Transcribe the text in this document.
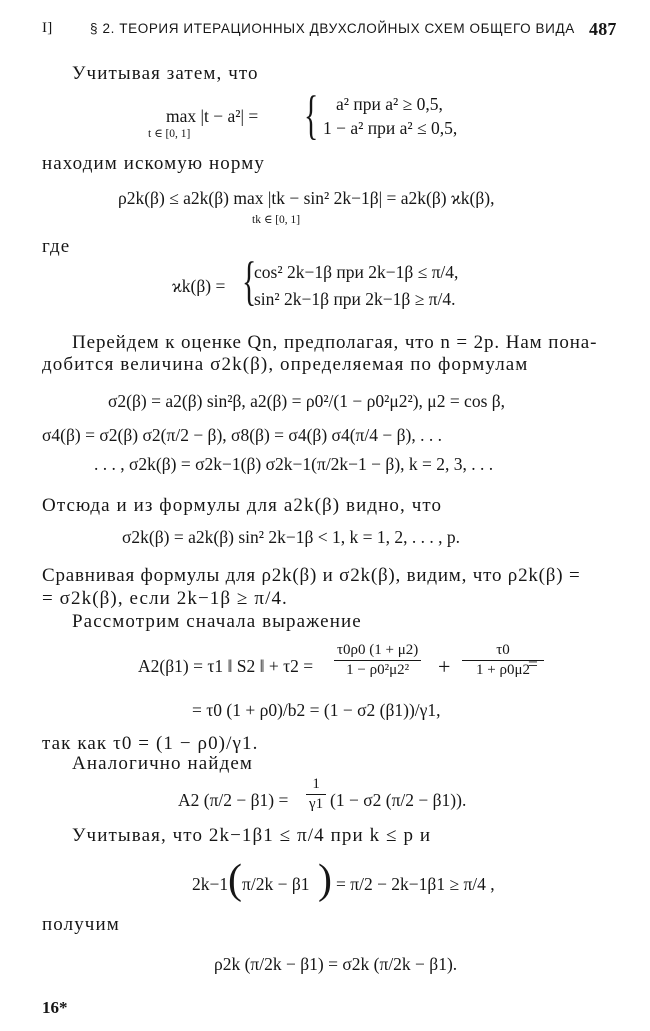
I]	§ 2. ТЕОРИЯ ИТЕРАЦИОННЫХ ДВУХСЛОЙНЫХ СХЕМ ОБЩЕГО ВИДА 487
Учитывая затем, что
max |t − a²| =
t ∈ [0, 1] { a² при a² ≥ 0,5,
1 − a² при a² ≤ 0,5,
находим искомую норму
ρ2k(β) ≤ a2k(β) max |tk − sin² 2k−1β| = a2k(β) ϰk(β),
tk ∈ [0, 1]
где
ϰk(β) = {
cos² 2k−1β при 2k−1β ≤ π/4,
sin² 2k−1β при 2k−1β ≥ π/4.
Перейдем к оценке Qn, предполагая, что n = 2p. Нам пона-
добится величина σ2k(β), определяемая по формулам
σ2(β) = a2(β) sin²β, a2(β) = ρ0²/(1 − ρ0²μ2²), μ2 = cos β,
σ4(β) = σ2(β) σ2(π/2 − β), σ8(β) = σ4(β) σ4(π/4 − β), . . .
. . . , σ2k(β) = σ2k−1(β) σ2k−1(π/2k−1 − β), k = 2, 3, . . .
Отсюда и из формулы для a2k(β) видно, что
σ2k(β) = a2k(β) sin² 2k−1β < 1, k = 1, 2, . . . , p.
Сравнивая формулы для ρ2k(β) и σ2k(β), видим, что ρ2k(β) =
= σ2k(β), если 2k−1β ≥ π/4.
Рассмотрим сначала выражение
A2(β1) = τ1 ‖ S2 ‖ + $\tau 2 = \frac{\tau 0\rho 0 (1 + \mu 2)}{\text{1 − ρ0²μ2²}} + \frac{\tau 0}{1 + \rho 0\mu 2}$
=
= τ0 (1 + ρ0)/b2 = (1 − σ2 (β1))/γ1,
так как τ0 = (1 − ρ0)/γ1.
Аналогично найдем
A2 $(\pi/2 - \beta 1) = \frac{1}{\gamma 1} (1 - \sigma 2$ (π/2 − β1)).
Учитывая, что 2k−1β1 ≤ π/4 при k ≤ p и
2k−1 ( π/2k − β1 ) = π/2 − 2k−1β1 ≥ π/4 ,
получим
ρ2k (π/2k − β1) = σ2k (π/2k − β1).
16*
